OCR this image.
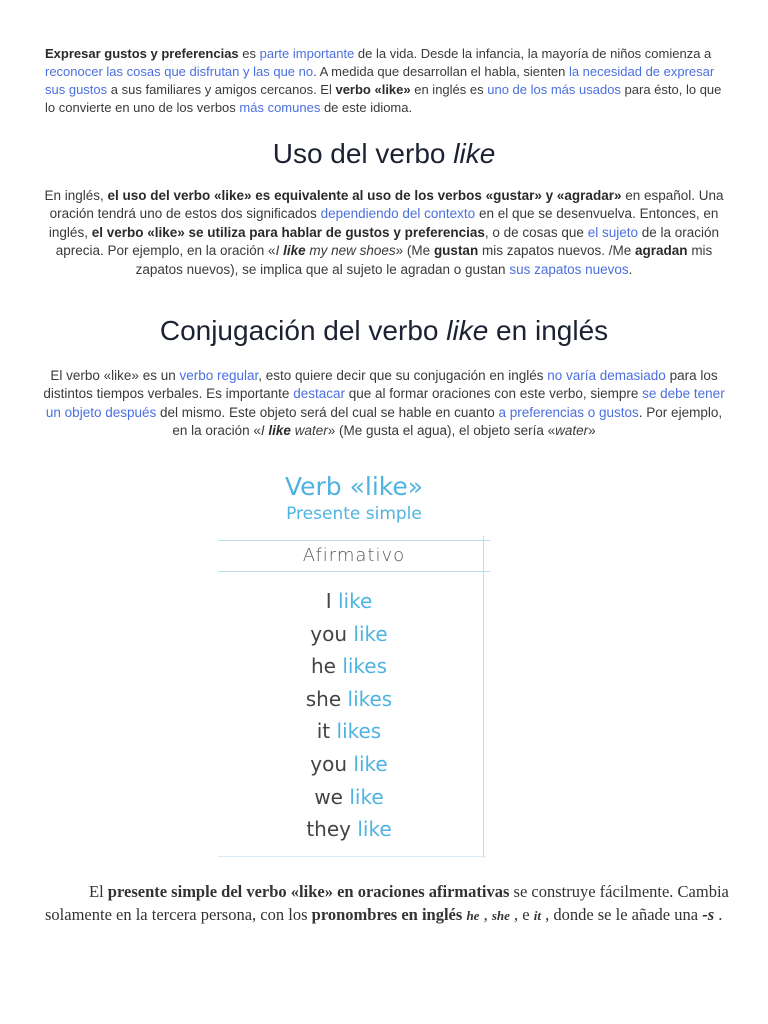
Expresar gustos y preferencias es parte importante de la vida. Desde la infancia, la mayoría de niños comienza a reconocer las cosas que disfrutan y las que no. A medida que desarrollan el habla, sienten la necesidad de expresar sus gustos a sus familiares y amigos cercanos. El verbo «like» en inglés es uno de los más usados para ésto, lo que lo convierte en uno de los verbos más comunes de este idioma.
Uso del verbo like
En inglés, el uso del verbo «like» es equivalente al uso de los verbos «gustar» y «agradar» en español. Una oración tendrá uno de estos dos significados dependiendo del contexto en el que se desenvuelva. Entonces, en inglés, el verbo «like» se utiliza para hablar de gustos y preferencias, o de cosas que el sujeto de la oración aprecia. Por ejemplo, en la oración «I like my new shoes» (Me gustan mis zapatos nuevos. /Me agradan mis zapatos nuevos), se implica que al sujeto le agradan o gustan sus zapatos nuevos.
Conjugación del verbo like en inglés
El verbo «like» es un verbo regular, esto quiere decir que su conjugación en inglés no varía demasiado para los distintos tiempos verbales. Es importante destacar que al formar oraciones con este verbo, siempre se debe tener un objeto después del mismo. Este objeto será del cual se hable en cuanto a preferencias o gustos. Por ejemplo, en la oración «I like water» (Me gusta el agua), el objeto sería «water»
Verb «like»
Presente simple
Afirmativo
I like
you like
he likes
she likes
it likes
you like
we like
they like
El presente simple del verbo «like» en oraciones afirmativas se construye fácilmente. Cambia solamente en la tercera persona, con los pronombres en inglés he , she , e it , donde se le añade una -s .
